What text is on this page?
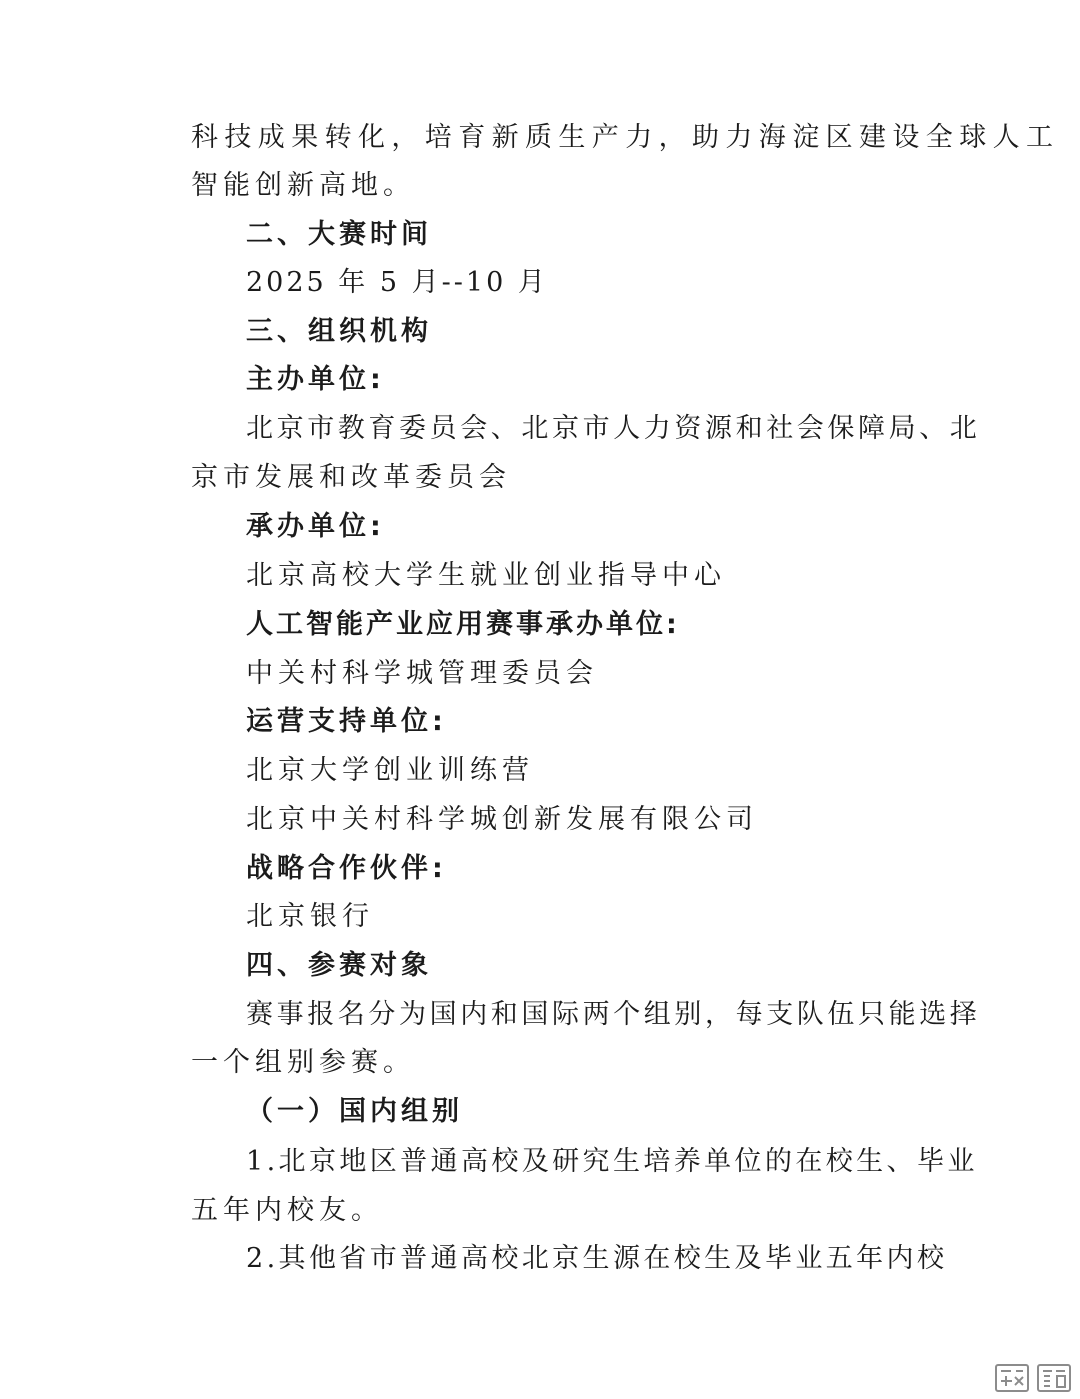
科技成果转化，培育新质生产力，助力海淀区建设全球人工
智能创新高地。
二、大赛时间
2025 年 5 月--10 月
三、组织机构
主办单位:
北京市教育委员会、北京市人力资源和社会保障局、北
京市发展和改革委员会
承办单位:
北京高校大学生就业创业指导中心
人工智能产业应用赛事承办单位:
中关村科学城管理委员会
运营支持单位:
北京大学创业训练营
北京中关村科学城创新发展有限公司
战略合作伙伴:
北京银行
四、参赛对象
赛事报名分为国内和国际两个组别，每支队伍只能选择
一个组别参赛。
（一）国内组别
1.北京地区普通高校及研究生培养单位的在校生、毕业
五年内校友。
2.其他省市普通高校北京生源在校生及毕业五年内校
